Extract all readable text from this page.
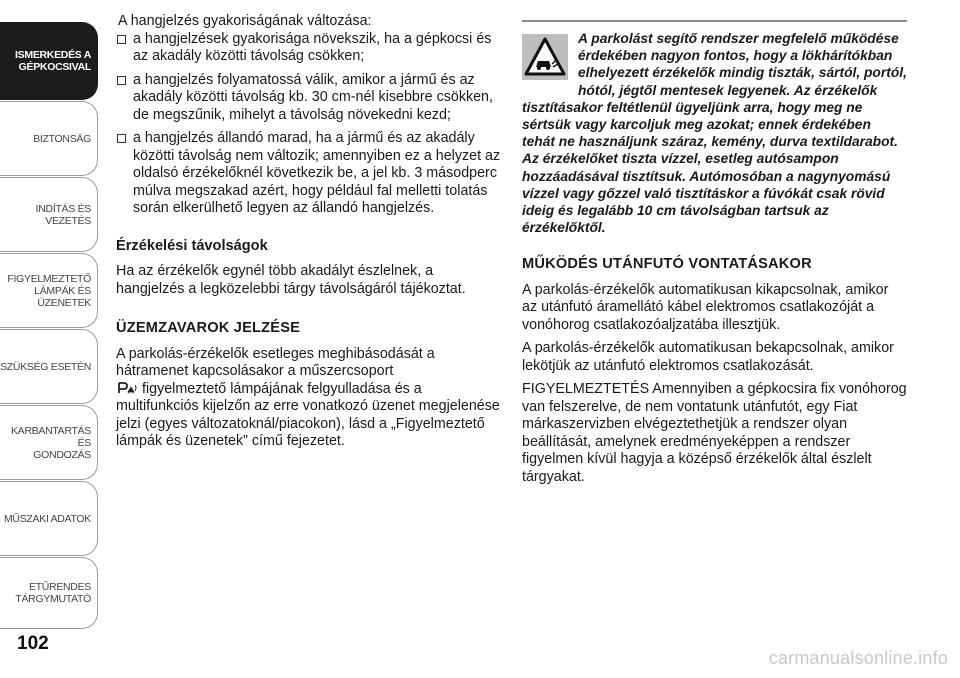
ISMERKEDÉS A
GÉPKOCSIVAL
BIZTONSÁG
INDÍTÁS ÉS VEZETÉS
FIGYELMEZTETŐ
LÁMPÁK ÉS
ÜZENETEK
SZÜKSÉG ESETÉN
KARBANTARTÁS ÉS
GONDOZÁS
MŰSZAKI ADATOK
ETŰRENDES
TÁRGYMUTATÓ
102

A hangjelzés gyakoriságának változása:

a hangjelzések gyakorisága növekszik, ha a gépkocsi és az akadály közötti távolság csökken;
a hangjelzés folyamatossá válik, amikor a jármű és az akadály közötti távolság kb. 30 cm-nél kisebbre csökken, de megszűnik, mihelyt a távolság növekedni kezd;
a hangjelzés állandó marad, ha a jármű és az akadály közötti távolság nem változik; amennyiben ez a helyzet az oldalsó érzékelőknél következik be, a jel kb. 3 másodperc múlva megszakad azért, hogy például fal melletti tolatás során elkerülhető legyen az állandó hangjelzés.
Érzékelési távolságok

Ha az érzékelők egynél több akadályt észlelnek, a hangjelzés a legközelebbi tárgy távolságáról tájékoztat.

ÜZEMZAVAROK JELZÉSE

A parkolás-érzékelők esetleges meghibásodását a hátramenet kapcsolásakor a műszercsoport
figyelmeztető lámpájának felgyulladása és a multifunkciós kijelzőn az erre vonatkozó üzenet megjelenése jelzi (egyes változatoknál/piacokon), lásd a „Figyelmeztető lámpák és üzenetek” című fejezetet.

A parkolást segítő rendszer megfelelő működése érdekében nagyon fontos, hogy a lökhárítókban elhelyezett érzékelők mindig tiszták, sártól, portól, hótól, jégtől mentesek legyenek. Az érzékelők tisztításakor feltétlenül ügyeljünk arra, hogy meg ne sértsük vagy karcoljuk meg azokat; ennek érdekében tehát ne használjunk száraz, kemény, durva textildarabot. Az érzékelőket tiszta vízzel, esetleg autósampon hozzáadásával tisztítsuk. Autómosóban a nagynyomású vízzel vagy gőzzel való tisztításkor a fúvókát csak rövid ideig és legalább 10 cm távolságban tartsuk az érzékelőktől.

MŰKÖDÉS UTÁNFUTÓ VONTATÁSAKOR

A parkolás-érzékelők automatikusan kikapcsolnak, amikor az utánfutó áramellátó kábel elektromos csatlakozóját a vonóhorog csatlakozóaljzatába illesztjük.

A parkolás-érzékelők automatikusan bekapcsolnak, amikor lekötjük az utánfutó elektromos csatlakozását.

FIGYELMEZTETÉS Amennyiben a gépkocsira fix vonóhorog van felszerelve, de nem vontatunk utánfutót, egy Fiat márkaszervizben elvégeztethetjük a rendszer olyan beállítását, amelynek eredményeképpen a rendszer figyelmen kívül hagyja a középső érzékelők által észlelt tárgyakat.

carmanualsonline.info
